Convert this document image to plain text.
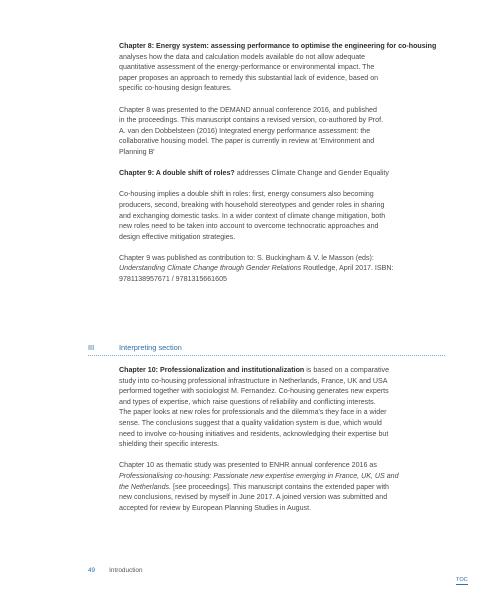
Chapter 8: Energy system: assessing performance to optimise the engineering for co-housing analyses how the data and calculation models available do not allow adequate
quantitative assessment of the energy-performance or environmental impact. The
paper proposes an approach to remedy this substantial lack of evidence, based on
specific co-housing design features.

Chapter 8 was presented to the DEMAND annual conference 2016, and published
in the proceedings. This manuscript contains a revised version, co-authored by Prof.
A. van den Dobbelsteen (2016) Integrated energy performance assessment: the
collaborative housing model. The paper is currently in review at 'Environment and
Planning B'

Chapter 9: A double shift of roles? addresses Climate Change and Gender Equality

Co-housing implies a double shift in roles: first, energy consumers also becoming
producers, second, breaking with household stereotypes and gender roles in sharing
and exchanging domestic tasks. In a wider context of climate change mitigation, both
new roles need to be taken into account to overcome technocratic approaches and
design effective mitigation strategies.

Chapter 9 was published as contribution to: S. Buckingham & V. le Masson (eds):
Understanding Climate Change through Gender Relations Routledge, April 2017. ISBN:
9781138957671 / 9781315661605

III	Interpreting section

Chapter 10: Professionalization and institutionalization is based on a comparative
study into co-housing professional infrastructure in Netherlands, France, UK and USA
performed together with sociologist M. Fernandez. Co-housing generates new experts
and types of expertise, which raise questions of reliability and conflicting interests.
The paper looks at new roles for professionals and the dilemma's they face in a wider
sense. The conclusions suggest that a quality validation system is due, which would
need to involve co-housing initiatives and residents, acknowledging their expertise but
shielding their specific interests.

Chapter 10 as thematic study was presented to ENHR annual conference 2016 as
Professionalising co-housing: Passionate new expertise emerging in France, UK, US and
the Netherlands. [see proceedings]. This manuscript contains the extended paper with
new conclusions, revised by myself in June 2017. A joined version was submitted and
accepted for review by European Planning Studies in August.

49 Introduction
TOC
